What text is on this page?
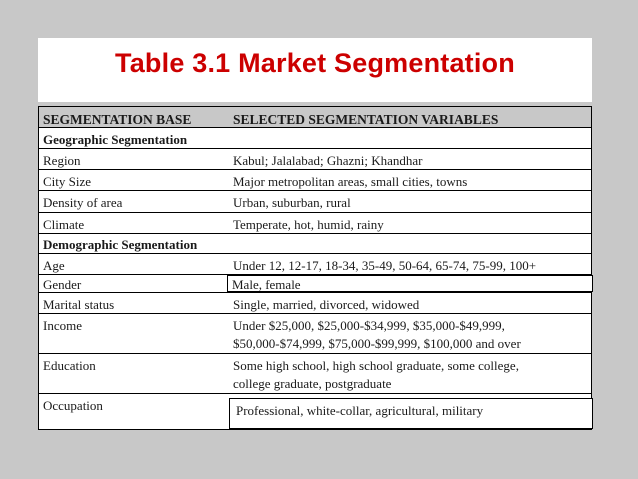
Table 3.1 Market Segmentation
SEGMENTATION BASE	SELECTED SEGMENTATION VARIABLES
Geographic Segmentation
Region	Kabul; Jalalabad; Ghazni; Khandhar
City Size	Major metropolitan areas, small cities, towns
Density of area	Urban, suburban, rural
Climate	Temperate, hot, humid, rainy
Demographic Segmentation
Age	Under 12, 12-17, 18-34, 35-49, 50-64, 65-74, 75-99, 100+
Gender	Male, female
Marital status	Single, married, divorced, widowed
Income	Under $25,000, $25,000-$34,999, $35,000-$49,999,
$50,000-$74,999, $75,000-$99,999, $100,000 and over
Education	Some high school, high school graduate, some college,
college graduate, postgraduate
Occupation	Professional, white-collar, agricultural, military
